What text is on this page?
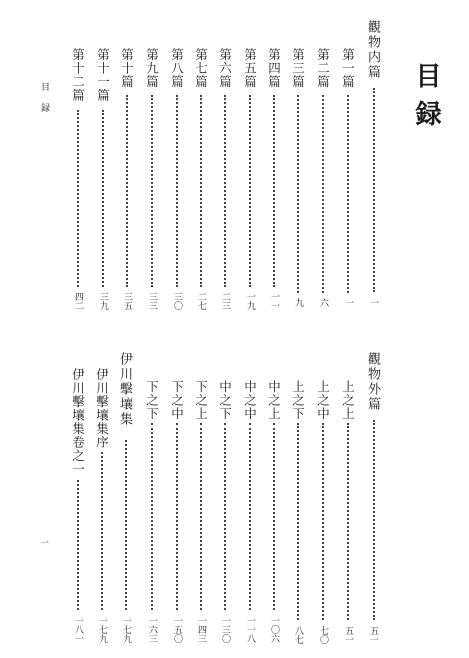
目録
目録
一
觀物内篇
一
第一篇
一
第二篇
六
第三篇
九
第四篇
一一
第五篇
一九
第六篇
二三
第七篇
二七
第八篇
三〇
第九篇
三三
第十篇
三五
第十一篇
三九
第十二篇
四二
觀物外篇
五一
上之上
五一
上之中
七〇
上之下
八七
中之上
一〇六
中之中
一一八
中之下
一三〇
下之上
一四三
下之中
一五〇
下之下
一六三
伊川擊壤集
一七九
伊川擊壤集序
一七九
伊川擊壤集卷之一
一八一
